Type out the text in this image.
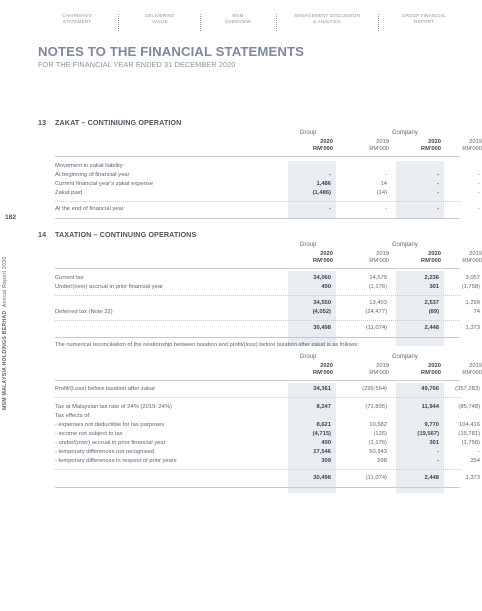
CHAIRMAN'S
STATEMENT
DELIVERING
VALUE
MSM
OVERVIEW
MANAGEMENT DISCUSSION
& ANALYSIS
GROUP FINANCIAL
REPORT
NOTES TO THE FINANCIAL STATEMENTS
FOR THE FINANCIAL YEAR ENDED 31 DECEMBER 2020
182
MSM MALAYSIA HOLDINGS BERHAD  Annual Report 2020
13 ZAKAT – CONTINIUING OPERATION
Group	Company
2020
RM'000
2019
RM'000
2020
RM'000
2019
RM'000
Movement in zakat liability:
At beginning of financial year	-	-	-	-
Current financial year's zakat expense	1,486	14	-	-
Zakat paid	(1,486)	(14)	-	-
At the end of financial year	-	-	-	-
14 TAXATION – CONTINUING OPERATIONS
Group	Company
2020
RM'000
2019
RM'000
2020
RM'000
2019
RM'000
Current tax	34,060	14,579	2,236	3,057
Under/(over) accrual in prior financial year	490	(1,176)	301	(1,758)
34,550	13,403	2,537	1,299
Deferred tax (Note 32)	(4,052)	(24,477)	(89)	74
30,498	(11,074)	2,448	1,373
The numerical reconciliation of the relationship between taxation and profit/(loss) before taxation after zakat is as follows:
Group	Company
2020
RM'000
2019
RM'000
2020
RM'000
2019
RM'000
Profit/(Loss) before taxation after zakat	34,361	(299,564)	49,766	(357,283)
Tax at Malaysian tax rate of 24% (2019: 24%)	8,247	(71,895)	11,944	(85,748)
Tax effects of:
- expenses not deductible for tax purposes	8,621	10,582	9,770	104,416
- income not subject to tax	(4,715)	(126)	(19,567)	(15,781)
- under/(over) accrual in prior financial year	490	(1,176)	301	(1,758)
- temporary differences not recognised	17,546	50,943	-	-
- temporary differences in respect of prior years	309	598	-	254
30,498	(11,074)	2,448	1,373
